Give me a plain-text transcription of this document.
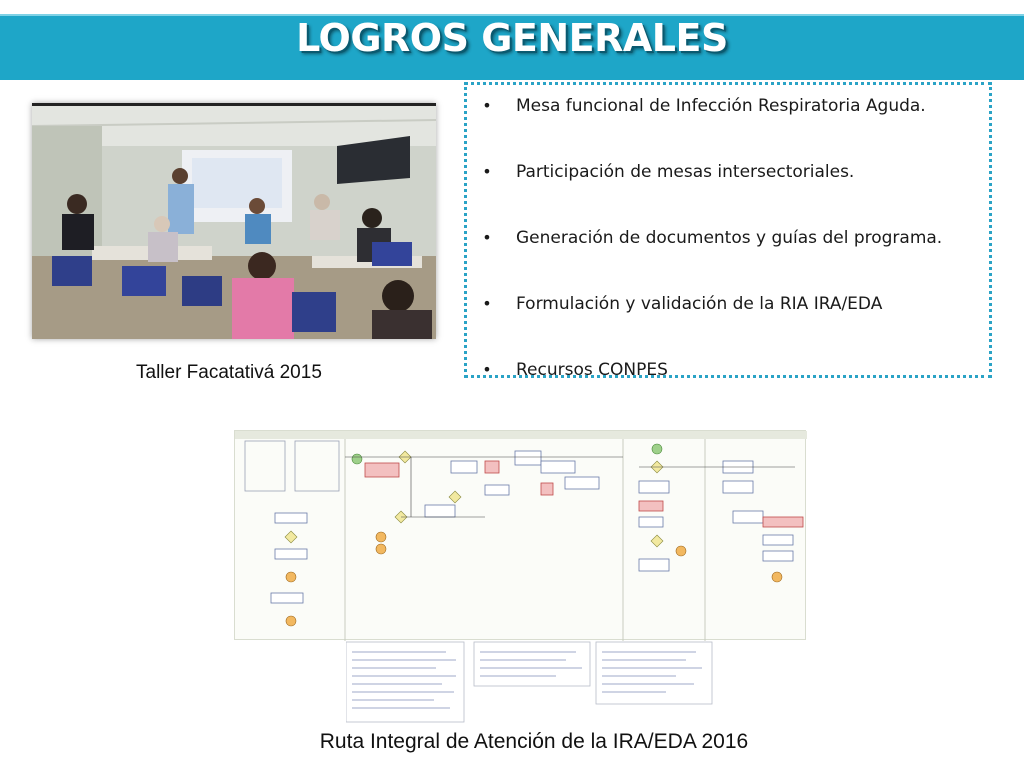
LOGROS GENERALES
Taller Facatativá 2015
•	Mesa funcional de Infección Respiratoria Aguda.
•	Participación de mesas intersectoriales.
•	Generación de documentos y guías del programa.
•	Formulación y validación de la RIA IRA/EDA
•	Recursos CONPES
Ruta Integral de Atención de la IRA/EDA 2016
